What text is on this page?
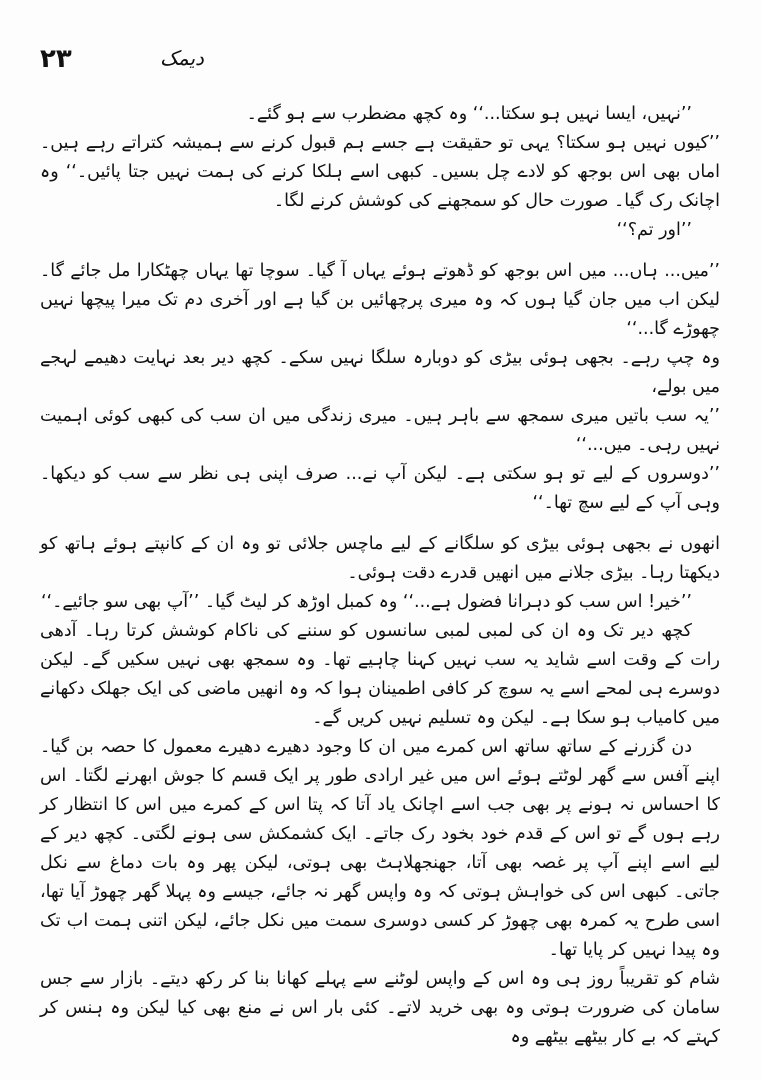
۲۳	دیمک

’’نہیں، ایسا نہیں ہو سکتا...‘‘ وہ کچھ مضطرب سے ہو گئے۔

’’کیوں نہیں ہو سکتا؟ یہی تو حقیقت ہے جسے ہم قبول کرنے سے ہمیشہ کتراتے رہے ہیں۔ اماں بھی اس بوجھ کو لادے چل بسیں۔ کبھی اسے ہلکا کرنے کی ہمت نہیں جتا پائیں۔‘‘ وہ اچانک رک گیا۔ صورت حال کو سمجھنے کی کوشش کرنے لگا۔

’’اور تم؟‘‘

’’میں... ہاں... میں اس بوجھ کو ڈھوتے ہوئے یہاں آ گیا۔ سوچا تھا یہاں چھٹکارا مل جائے گا۔ لیکن اب میں جان گیا ہوں کہ وہ میری پرچھائیں بن گیا ہے اور آخری دم تک میرا پیچھا نہیں چھوڑے گا...‘‘

وہ چپ رہے۔ بجھی ہوئی بیڑی کو دوبارہ سلگا نہیں سکے۔ کچھ دیر بعد نہایت دھیمے لہجے میں بولے،

’’یہ سب باتیں میری سمجھ سے باہر ہیں۔ میری زندگی میں ان سب کی کبھی کوئی اہمیت نہیں رہی۔ میں...‘‘

’’دوسروں کے لیے تو ہو سکتی ہے۔ لیکن آپ نے... صرف اپنی ہی نظر سے سب کو دیکھا۔ وہی آپ کے لیے سچ تھا۔‘‘

انھوں نے بجھی ہوئی بیڑی کو سلگانے کے لیے ماچس جلائی تو وہ ان کے کانپتے ہوئے ہاتھ کو دیکھتا رہا۔ بیڑی جلانے میں انھیں قدرے دقت ہوئی۔

’’خیر! اس سب کو دہرانا فضول ہے...‘‘ وہ کمبل اوڑھ کر لیٹ گیا۔ ’’آپ بھی سو جائیے۔‘‘

کچھ دیر تک وہ ان کی لمبی لمبی سانسوں کو سننے کی ناکام کوشش کرتا رہا۔ آدھی رات کے وقت اسے شاید یہ سب نہیں کہنا چاہیے تھا۔ وہ سمجھ بھی نہیں سکیں گے۔ لیکن دوسرے ہی لمحے اسے یہ سوچ کر کافی اطمینان ہوا کہ وہ انھیں ماضی کی ایک جھلک دکھانے میں کامیاب ہو سکا ہے۔ لیکن وہ تسلیم نہیں کریں گے۔

دن گزرنے کے ساتھ ساتھ اس کمرے میں ان کا وجود دھیرے دھیرے معمول کا حصہ بن گیا۔ اپنے آفس سے گھر لوٹتے ہوئے اس میں غیر ارادی طور پر ایک قسم کا جوش ابھرنے لگتا۔ اس کا احساس نہ ہونے پر بھی جب اسے اچانک یاد آتا کہ پتا اس کے کمرے میں اس کا انتظار کر رہے ہوں گے تو اس کے قدم خود بخود رک جاتے۔ ایک کشمکش سی ہونے لگتی۔ کچھ دیر کے لیے اسے اپنے آپ پر غصہ بھی آتا، جھنجھلاہٹ بھی ہوتی، لیکن پھر وہ بات دماغ سے نکل جاتی۔ کبھی اس کی خواہش ہوتی کہ وہ واپس گھر نہ جائے، جیسے وہ پہلا گھر چھوڑ آیا تھا، اسی طرح یہ کمرہ بھی چھوڑ کر کسی دوسری سمت میں نکل جائے، لیکن اتنی ہمت اب تک وہ پیدا نہیں کر پایا تھا۔

شام کو تقریباً روز ہی وہ اس کے واپس لوٹنے سے پہلے کھانا بنا کر رکھ دیتے۔ بازار سے جس سامان کی ضرورت ہوتی وہ بھی خرید لاتے۔ کئی بار اس نے منع بھی کیا لیکن وہ ہنس کر کہتے کہ بے کار بیٹھے بیٹھے وہ
